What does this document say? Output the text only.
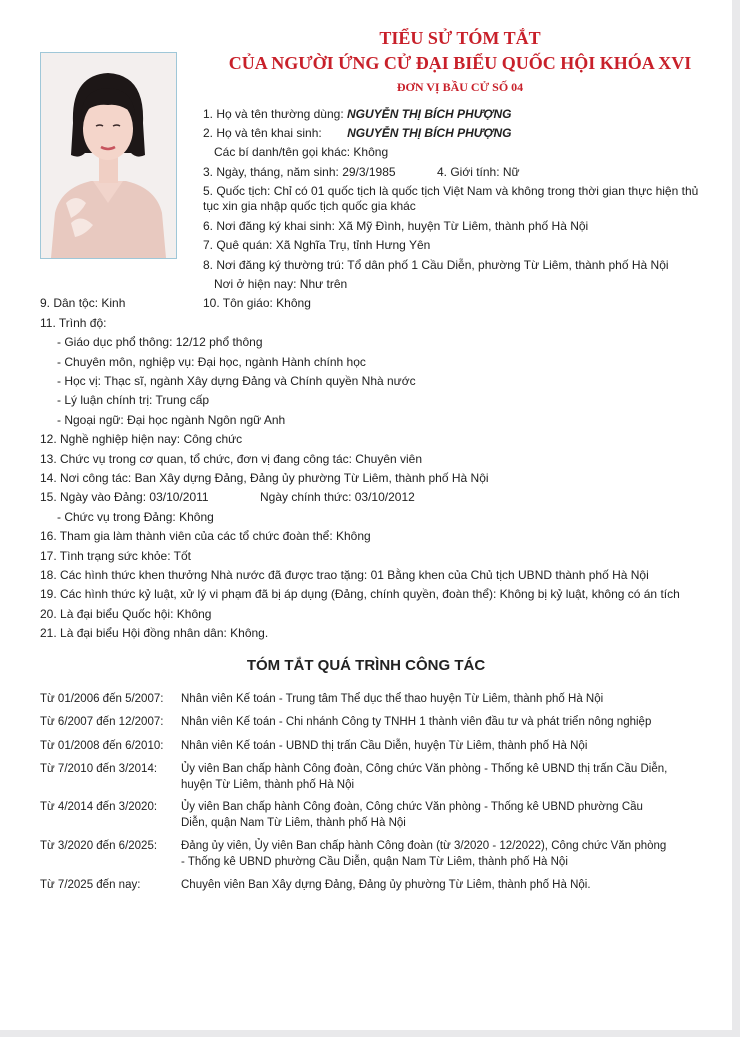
TIỂU SỬ TÓM TẮT
CỦA NGƯỜI ỨNG CỬ ĐẠI BIỂU QUỐC HỘI KHÓA XVI
ĐƠN VỊ BẦU CỬ SỐ 04
1. Họ và tên thường dùng: NGUYỄN THỊ BÍCH PHƯỢNG
2. Họ và tên khai sinh: NGUYỄN THỊ BÍCH PHƯỢNG
Các bí danh/tên gọi khác: Không
3. Ngày, tháng, năm sinh: 29/3/1985	4. Giới tính: Nữ
5. Quốc tịch: Chỉ có 01 quốc tịch là quốc tịch Việt Nam và không trong thời gian thực hiện thủ
tục xin gia nhập quốc tịch quốc gia khác
6. Nơi đăng ký khai sinh: Xã Mỹ Đình, huyện Từ Liêm, thành phố Hà Nội
7. Quê quán: Xã Nghĩa Trụ, tỉnh Hưng Yên
8. Nơi đăng ký thường trú: Tổ dân phố 1 Cầu Diễn, phường Từ Liêm, thành phố Hà Nội
Nơi ở hiện nay: Như trên
9. Dân tộc: Kinh	10. Tôn giáo: Không
11. Trình độ:
- Giáo dục phổ thông: 12/12 phổ thông
- Chuyên môn, nghiệp vụ: Đại học, ngành Hành chính học
- Học vị: Thạc sĩ, ngành Xây dựng Đảng và Chính quyền Nhà nước
- Lý luận chính trị: Trung cấp
- Ngoại ngữ: Đại học ngành Ngôn ngữ Anh
12. Nghề nghiệp hiện nay: Công chức
13. Chức vụ trong cơ quan, tổ chức, đơn vị đang công tác: Chuyên viên
14. Nơi công tác: Ban Xây dựng Đảng, Đảng ủy phường Từ Liêm, thành phố Hà Nội
15. Ngày vào Đảng: 03/10/2011	Ngày chính thức: 03/10/2012
- Chức vụ trong Đảng: Không
16. Tham gia làm thành viên của các tổ chức đoàn thể: Không
17. Tình trạng sức khỏe: Tốt
18. Các hình thức khen thưởng Nhà nước đã được trao tặng: 01 Bằng khen của Chủ tịch UBND thành phố Hà Nội
19. Các hình thức kỷ luật, xử lý vi phạm đã bị áp dụng (Đảng, chính quyền, đoàn thể): Không bị kỷ luật, không có án tích
20. Là đại biểu Quốc hội: Không
21. Là đại biểu Hội đồng nhân dân: Không.
TÓM TẮT QUÁ TRÌNH CÔNG TÁC
Từ 01/2006 đến 5/2007: Nhân viên Kế toán - Trung tâm Thể dục thể thao huyện Từ Liêm, thành phố Hà Nội
Từ 6/2007 đến 12/2007: Nhân viên Kế toán - Chi nhánh Công ty TNHH 1 thành viên đầu tư và phát triển nông nghiệp
Từ 01/2008 đến 6/2010: Nhân viên Kế toán - UBND thị trấn Cầu Diễn, huyện Từ Liêm, thành phố Hà Nội
Từ 7/2010 đến 3/2014: Ủy viên Ban chấp hành Công đoàn, Công chức Văn phòng - Thống kê UBND thị trấn Cầu Diễn, huyện Từ Liêm, thành phố Hà Nội
Từ 4/2014 đến 3/2020: Ủy viên Ban chấp hành Công đoàn, Công chức Văn phòng - Thống kê UBND phường Cầu Diễn, quận Nam Từ Liêm, thành phố Hà Nội
Từ 3/2020 đến 6/2025: Đảng ủy viên, Ủy viên Ban chấp hành Công đoàn (từ 3/2020 - 12/2022), Công chức Văn phòng - Thống kê UBND phường Cầu Diễn, quận Nam Từ Liêm, thành phố Hà Nội
Từ 7/2025 đến nay:	Chuyên viên Ban Xây dựng Đảng, Đảng ủy phường Từ Liêm, thành phố Hà Nội.
